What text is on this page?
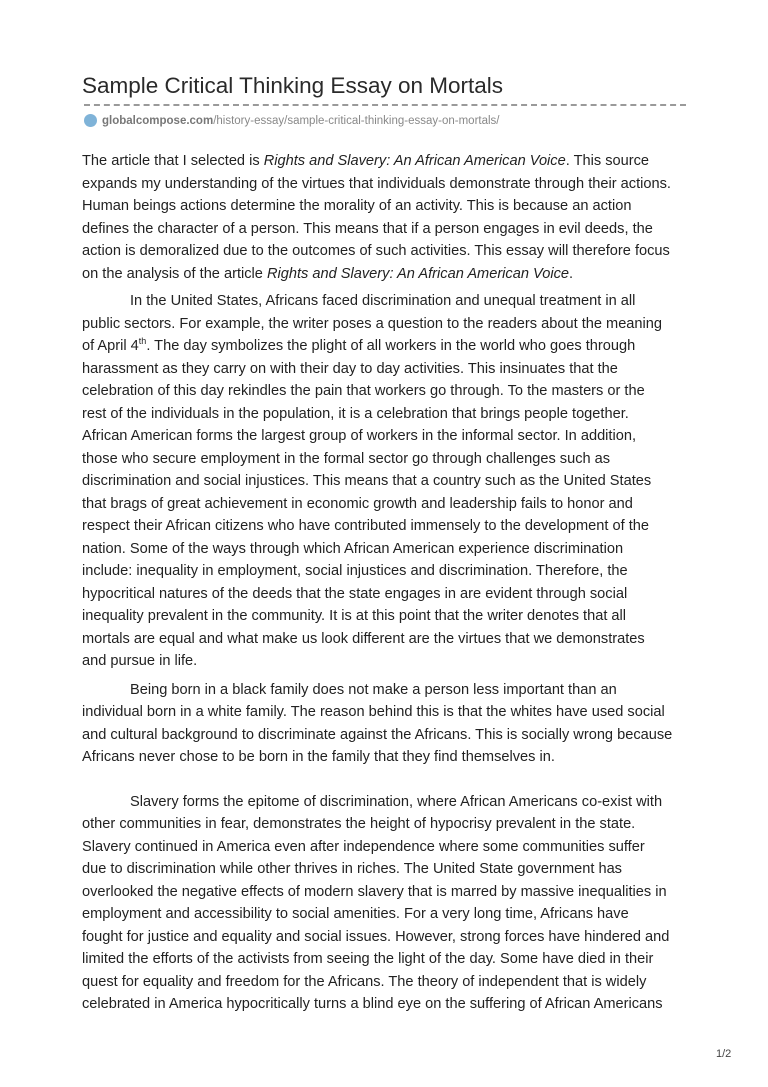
Sample Critical Thinking Essay on Mortals
globalcompose.com /history-essay/sample-critical-thinking-essay-on-mortals/
The article that I selected is Rights and Slavery: An African American Voice. This source
expands my understanding of the virtues that individuals demonstrate through their actions.
Human beings actions determine the morality of an activity. This is because an action
defines the character of a person. This means that if a person engages in evil deeds, the
action is demoralized due to the outcomes of such activities. This essay will therefore focus
on the analysis of the article Rights and Slavery: An African American Voice.
In the United States, Africans faced discrimination and unequal treatment in all
public sectors. For example, the writer poses a question to the readers about the meaning
of April 4th. The day symbolizes the plight of all workers in the world who goes through
harassment as they carry on with their day to day activities. This insinuates that the
celebration of this day rekindles the pain that workers go through. To the masters or the
rest of the individuals in the population, it is a celebration that brings people together.
African American forms the largest group of workers in the informal sector. In addition,
those who secure employment in the formal sector go through challenges such as
discrimination and social injustices. This means that a country such as the United States
that brags of great achievement in economic growth and leadership fails to honor and
respect their African citizens who have contributed immensely to the development of the
nation. Some of the ways through which African American experience discrimination
include: inequality in employment, social injustices and discrimination. Therefore, the
hypocritical natures of the deeds that the state engages in are evident through social
inequality prevalent in the community. It is at this point that the writer denotes that all
mortals are equal and what make us look different are the virtues that we demonstrates
and pursue in life.
Being born in a black family does not make a person less important than an
individual born in a white family. The reason behind this is that the whites have used social
and cultural background to discriminate against the Africans. This is socially wrong because
Africans never chose to be born in the family that they find themselves in.
Slavery forms the epitome of discrimination, where African Americans co-exist with
other communities in fear, demonstrates the height of hypocrisy prevalent in the state.
Slavery continued in America even after independence where some communities suffer
due to discrimination while other thrives in riches. The United State government has
overlooked the negative effects of modern slavery that is marred by massive inequalities in
employment and accessibility to social amenities. For a very long time, Africans have
fought for justice and equality and social issues. However, strong forces have hindered and
limited the efforts of the activists from seeing the light of the day. Some have died in their
quest for equality and freedom for the Africans. The theory of independent that is widely
celebrated in America hypocritically turns a blind eye on the suffering of African Americans
1/2
